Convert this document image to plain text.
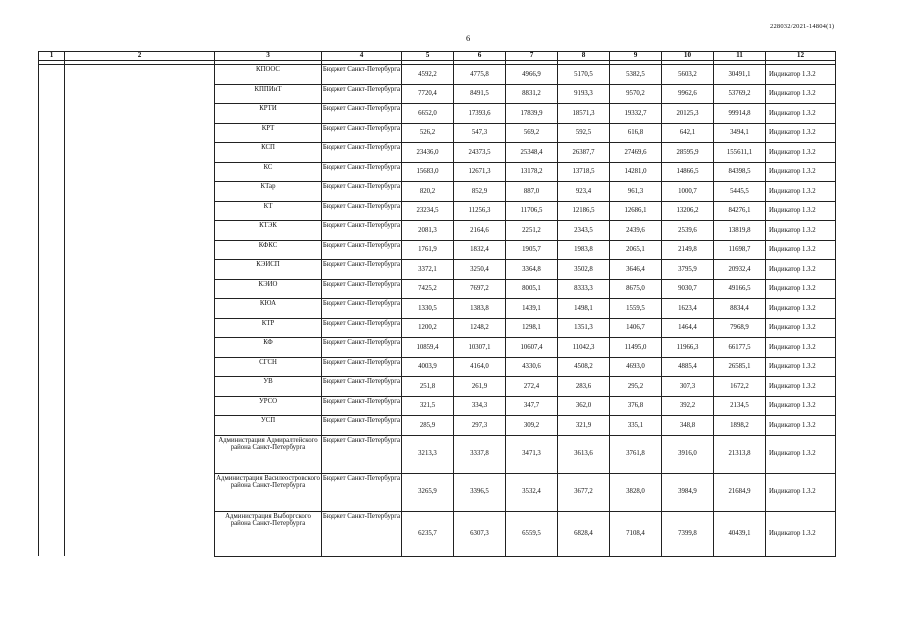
228032/2021-14804(1)
6
1	2	3	4	5	6	7	8	9	10	11	12

		КПООС	Бюджет Санкт-Петербурга	4592,2	4775,8	4966,9	5170,5	5382,5	5603,2	30491,1	Индикатор 1.3.2
		КППИиТ	Бюджет Санкт-Петербурга	7720,4	8491,5	8831,2	9193,3	9570,2	9962,6	53769,2	Индикатор 1.3.2
		КРТИ	Бюджет Санкт-Петербурга	6652,0	17393,6	17839,9	18571,3	19332,7	20125,3	99914,8	Индикатор 1.3.2
		КРТ	Бюджет Санкт-Петербурга	526,2	547,3	569,2	592,5	616,8	642,1	3494,1	Индикатор 1.3.2
		КСП	Бюджет Санкт-Петербурга	23436,0	24373,5	25348,4	26387,7	27469,6	28595,9	155611,1	Индикатор 1.3.2
		КС	Бюджет Санкт-Петербурга	15683,0	12671,3	13178,2	13718,5	14281,0	14866,5	84398,5	Индикатор 1.3.2
		КТар	Бюджет Санкт-Петербурга	820,2	852,9	887,0	923,4	961,3	1000,7	5445,5	Индикатор 1.3.2
		КТ	Бюджет Санкт-Петербурга	23234,5	11256,3	11706,5	12186,5	12686,1	13206,2	84276,1	Индикатор 1.3.2
		КТЭК	Бюджет Санкт-Петербурга	2081,3	2164,6	2251,2	2343,5	2439,6	2539,6	13819,8	Индикатор 1.3.2
		КФКС	Бюджет Санкт-Петербурга	1761,9	1832,4	1905,7	1983,8	2065,1	2149,8	11698,7	Индикатор 1.3.2
		КЭИСП	Бюджет Санкт-Петербурга	3372,1	3250,4	3364,8	3502,8	3646,4	3795,9	20932,4	Индикатор 1.3.2
		КЭИО	Бюджет Санкт-Петербурга	7425,2	7697,2	8005,1	8333,3	8675,0	9030,7	49166,5	Индикатор 1.3.2
		КЮА	Бюджет Санкт-Петербурга	1330,5	1383,8	1439,1	1498,1	1559,5	1623,4	8834,4	Индикатор 1.3.2
		КТР	Бюджет Санкт-Петербурга	1200,2	1248,2	1298,1	1351,3	1406,7	1464,4	7968,9	Индикатор 1.3.2
		КФ	Бюджет Санкт-Петербурга	10859,4	10307,1	10607,4	11042,3	11495,0	11966,3	66177,5	Индикатор 1.3.2
		СГСН	Бюджет Санкт-Петербурга	4003,9	4164,0	4330,6	4508,2	4693,0	4885,4	26585,1	Индикатор 1.3.2
		УВ	Бюджет Санкт-Петербурга	251,8	261,9	272,4	283,6	295,2	307,3	1672,2	Индикатор 1.3.2
		УРСО	Бюджет Санкт-Петербурга	321,5	334,3	347,7	362,0	376,8	392,2	2134,5	Индикатор 1.3.2
		УСП	Бюджет Санкт-Петербурга	285,9	297,3	309,2	321,9	335,1	348,8	1898,2	Индикатор 1.3.2
		Администрация Адмиралтейского района Санкт-Петербурга	Бюджет Санкт-Петербурга	3213,3	3337,8	3471,3	3613,6	3761,8	3916,0	21313,8	Индикатор 1.3.2
		Администрация Василеостровского района Санкт-Петербурга	Бюджет Санкт-Петербурга	3265,9	3396,5	3532,4	3677,2	3828,0	3984,9	21684,9	Индикатор 1.3.2
		Администрация Выборгского района Санкт-Петербурга	Бюджет Санкт-Петербурга	6235,7	6307,3	6559,5	6828,4	7108,4	7399,8	40439,1	Индикатор 1.3.2
